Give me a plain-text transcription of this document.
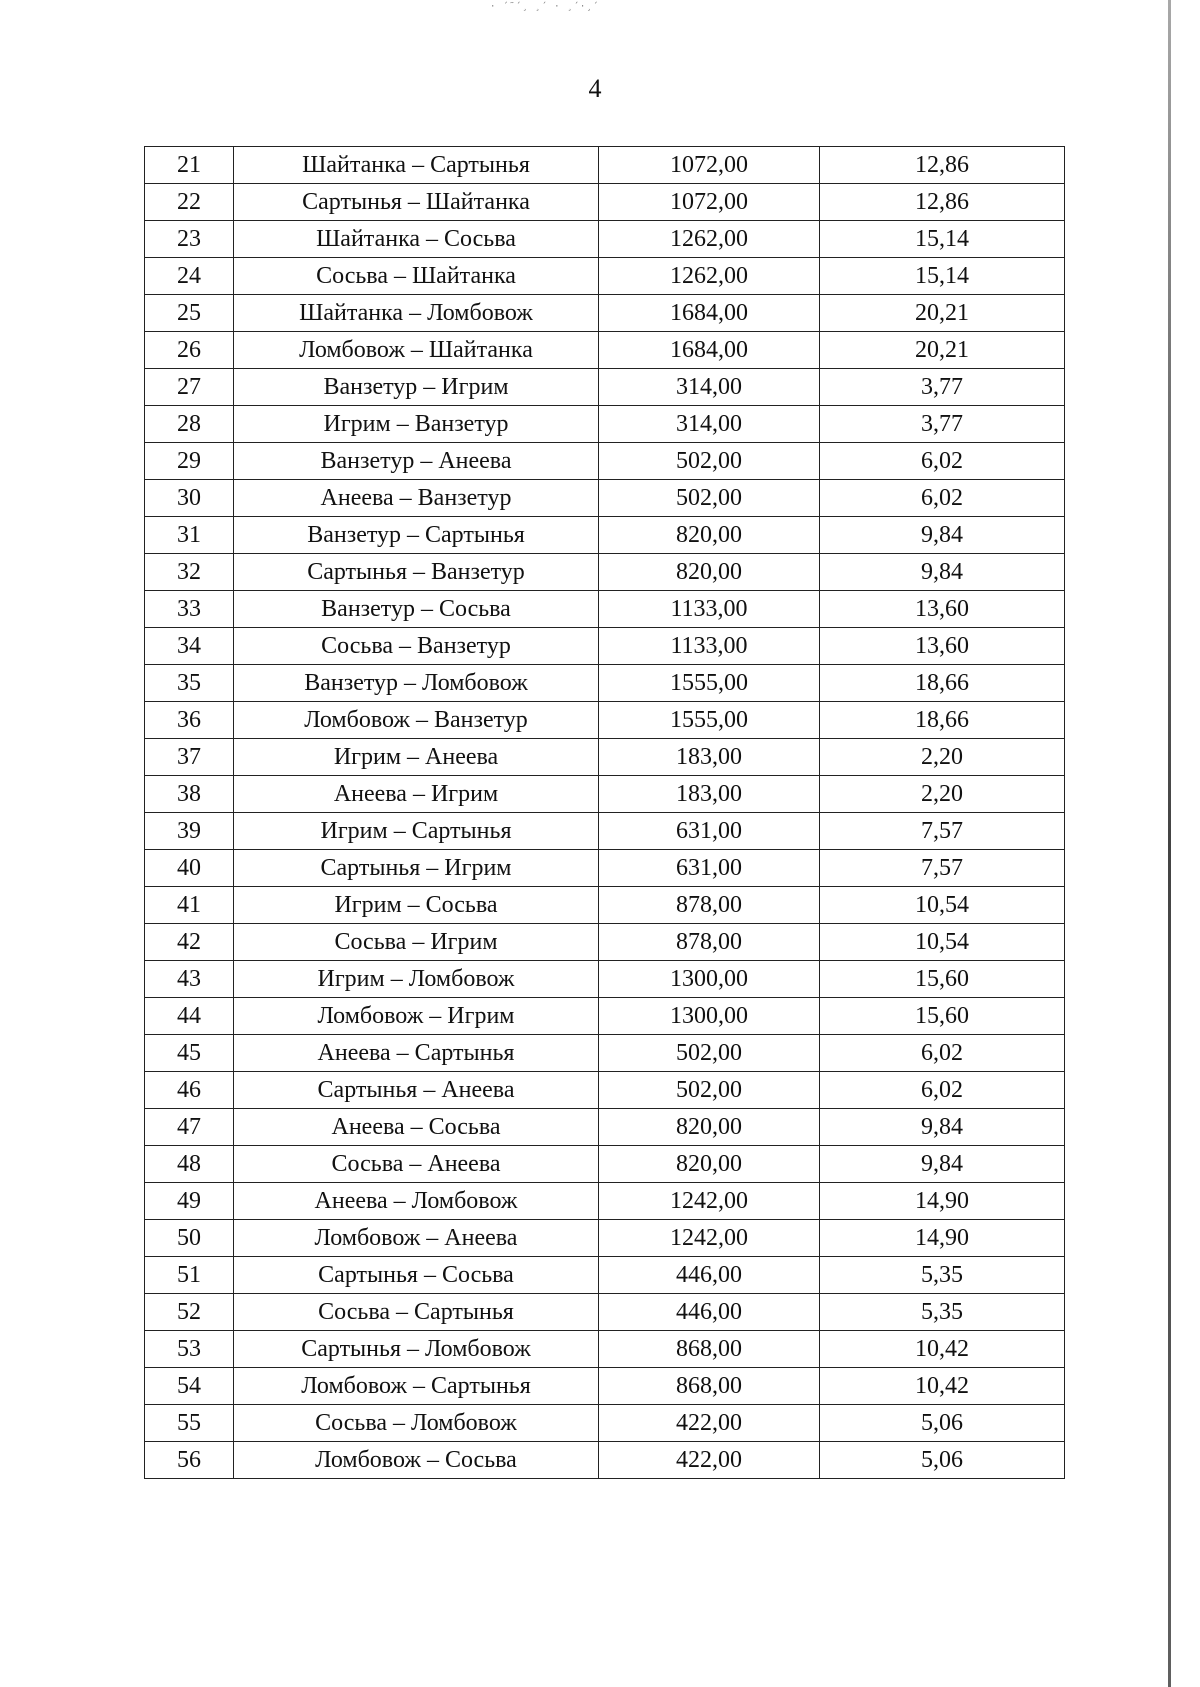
· ´˜´¸ ¸´ · ¸´·¸´
4
21	Шайтанка – Сартынья	1072,00	12,86
22	Сартынья – Шайтанка	1072,00	12,86
23	Шайтанка – Сосьва	1262,00	15,14
24	Сосьва – Шайтанка	1262,00	15,14
25	Шайтанка – Ломбовож	1684,00	20,21
26	Ломбовож – Шайтанка	1684,00	20,21
27	Ванзетур – Игрим	314,00	3,77
28	Игрим – Ванзетур	314,00	3,77
29	Ванзетур – Анеева	502,00	6,02
30	Анеева – Ванзетур	502,00	6,02
31	Ванзетур – Сартынья	820,00	9,84
32	Сартынья – Ванзетур	820,00	9,84
33	Ванзетур – Сосьва	1133,00	13,60
34	Сосьва – Ванзетур	1133,00	13,60
35	Ванзетур – Ломбовож	1555,00	18,66
36	Ломбовож – Ванзетур	1555,00	18,66
37	Игрим – Анеева	183,00	2,20
38	Анеева – Игрим	183,00	2,20
39	Игрим – Сартынья	631,00	7,57
40	Сартынья – Игрим	631,00	7,57
41	Игрим – Сосьва	878,00	10,54
42	Сосьва – Игрим	878,00	10,54
43	Игрим – Ломбовож	1300,00	15,60
44	Ломбовож – Игрим	1300,00	15,60
45	Анеева – Сартынья	502,00	6,02
46	Сартынья – Анеева	502,00	6,02
47	Анеева – Сосьва	820,00	9,84
48	Сосьва – Анеева	820,00	9,84
49	Анеева – Ломбовож	1242,00	14,90
50	Ломбовож – Анеева	1242,00	14,90
51	Сартынья – Сосьва	446,00	5,35
52	Сосьва – Сартынья	446,00	5,35
53	Сартынья – Ломбовож	868,00	10,42
54	Ломбовож – Сартынья	868,00	10,42
55	Сосьва – Ломбовож	422,00	5,06
56	Ломбовож – Сосьва	422,00	5,06
